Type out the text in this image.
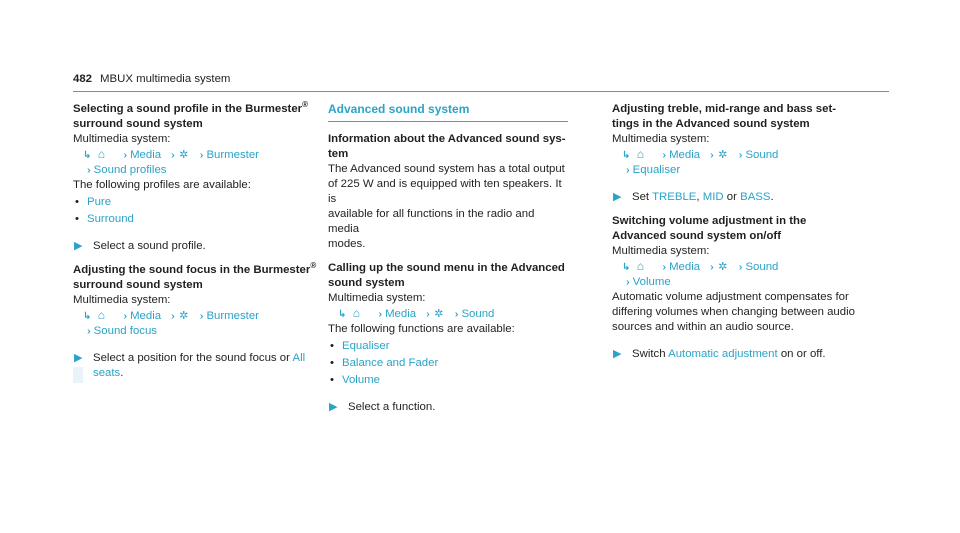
482 MBUX multimedia system

Selecting a sound profile in the Burmester®

surround sound system

Multimedia system:

↳ ⌂ ›› Media ›› ✲ ›› Burmester

›› Sound profiles

The following profiles are available:

• Pure
• Surround
▶ Select a sound profile.

Adjusting the sound focus in the Burmester®

surround sound system

Multimedia system:

↳ ⌂ ›› Media ›› ✲ ›› Burmester

›› Sound focus

▶ Select a position for the sound focus or All
seats.
Advanced sound system

Information about the Advanced sound sys-

tem

The Advanced sound system has a total output

of 225 W and is equipped with ten speakers. It is

available for all functions in the radio and media

modes.

Calling up the sound menu in the Advanced

sound system

Multimedia system:

↳ ⌂ ›› Media ›› ✲ ›› Sound

The following functions are available:

• Equaliser
• Balance and Fader
• Volume
▶ Select a function.

Adjusting treble, mid-range and bass set-

tings in the Advanced sound system

Multimedia system:

↳ ⌂ ›› Media ›› ✲ ›› Sound

›› Equaliser

▶ Set TREBLE, MID or BASS.

Switching volume adjustment in the

Advanced sound system on/off

Multimedia system:

↳ ⌂ ›› Media ›› ✲ ›› Sound

›› Volume

Automatic volume adjustment compensates for

differing volumes when changing between audio

sources and within an audio source.

▶ Switch Automatic adjustment on or off.
